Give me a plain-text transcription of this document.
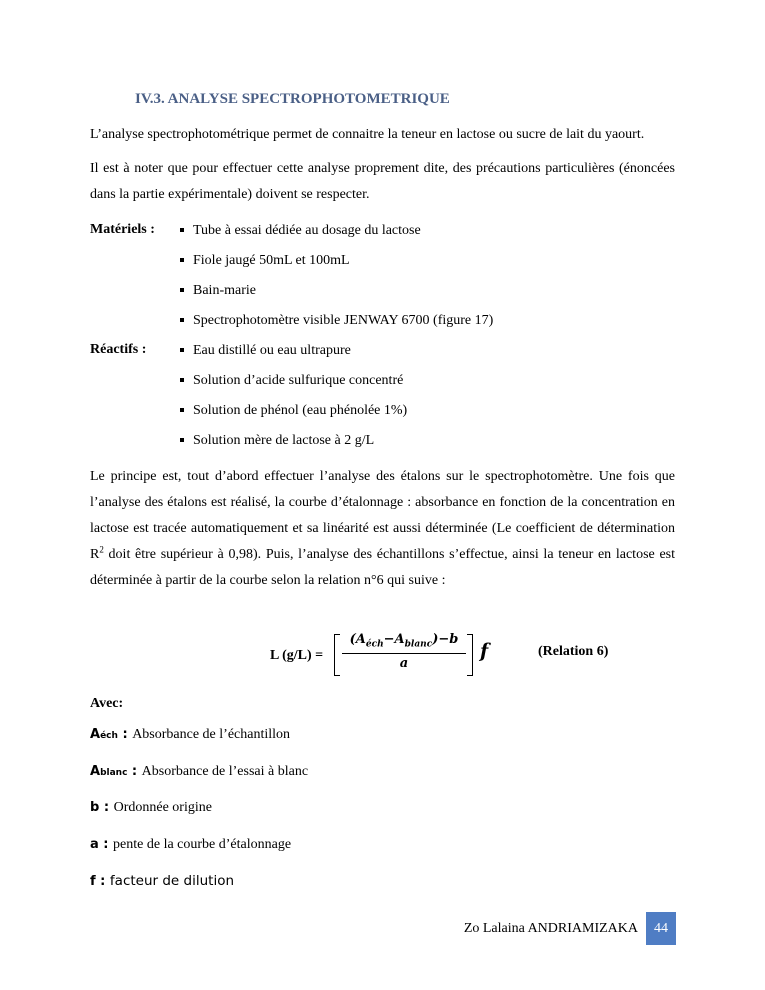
IV.3. ANALYSE SPECTROPHOTOMETRIQUE
L’analyse spectrophotométrique permet de connaitre la teneur en lactose ou sucre de lait du yaourt.
Il est à noter que pour effectuer cette analyse proprement dite, des précautions particulières (énoncées dans la partie expérimentale) doivent se respecter.
Matériels :
Réactifs :
Tube à essai dédiée au dosage du lactose
Fiole jaugé 50mL et 100mL
Bain-marie
Spectrophotomètre visible JENWAY 6700 (figure 17)
Eau distillé ou eau ultrapure
Solution d’acide sulfurique concentré
Solution de phénol (eau phénolée 1%)
Solution mère de lactose à 2 g/L
Le principe est, tout d’abord effectuer l’analyse des étalons sur le spectrophotomètre. Une fois que l’analyse des étalons est réalisé, la courbe d’étalonnage : absorbance en fonction de la concentration en lactose est tracée automatiquement et sa linéarité est aussi déterminée (Le coefficient de détermination $R^2$ doit être supérieur à 0,98). Puis, l’analyse des échantillons s’effectue, ainsi la teneur en lactose est déterminée à partir de la courbe selon la relation n°6 qui suive :
L (g/L) =
$(A_{éch}-A_{blanc})-b$
a
f	(Relation 6)
Avec:
Aéch : Absorbance de l’échantillon
Ablanc : Absorbance de l’essai à blanc
b : Ordonnée origine
a : pente de la courbe d’étalonnage
f : facteur de dilution
Zo Lalaina ANDRIAMIZAKA	44
